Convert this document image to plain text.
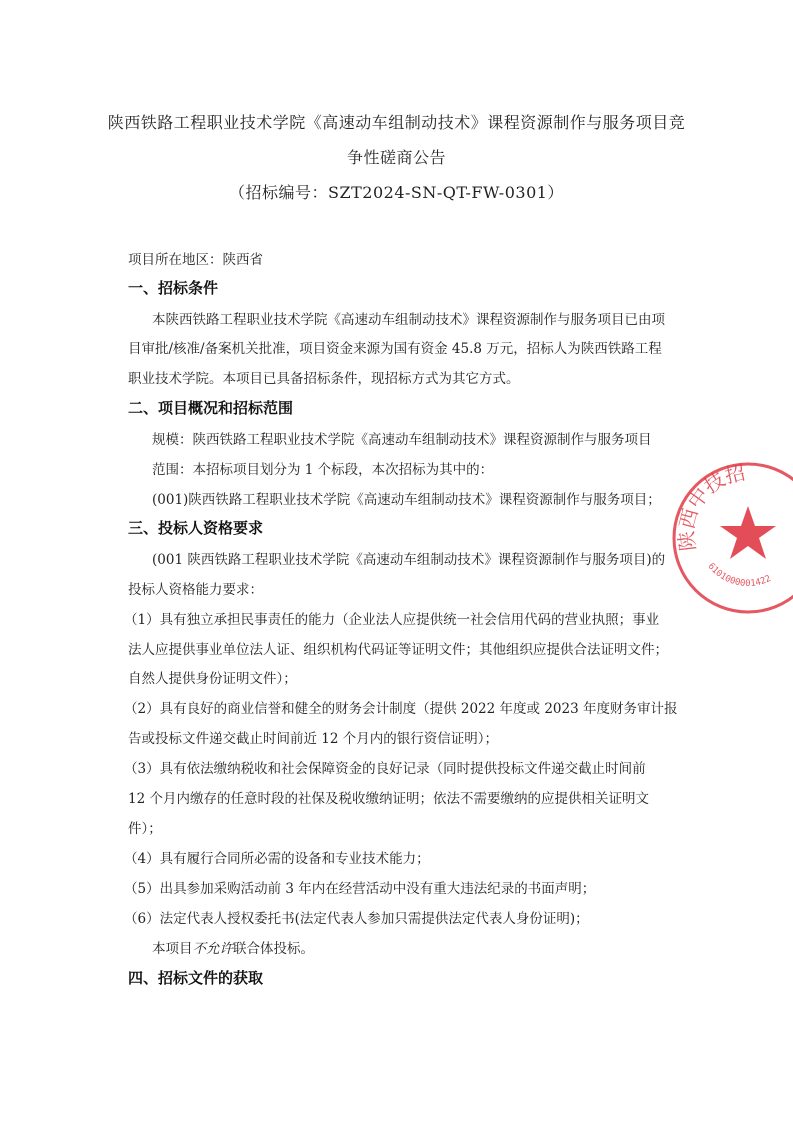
陕西铁路工程职业技术学院《高速动车组制动技术》课程资源制作与服务项目竞
争性磋商公告
（招标编号：SZT2024-SN-QT-FW-0301）
项目所在地区：陕西省
一、招标条件
本陕西铁路工程职业技术学院《高速动车组制动技术》课程资源制作与服务项目已由项
目审批/核准/备案机关批准，项目资金来源为国有资金 45.8 万元，招标人为陕西铁路工程
职业技术学院。本项目已具备招标条件，现招标方式为其它方式。
二、项目概况和招标范围
规模：陕西铁路工程职业技术学院《高速动车组制动技术》课程资源制作与服务项目
范围：本招标项目划分为 1 个标段，本次招标为其中的：
(001)陕西铁路工程职业技术学院《高速动车组制动技术》课程资源制作与服务项目；
三、投标人资格要求
(001 陕西铁路工程职业技术学院《高速动车组制动技术》课程资源制作与服务项目)的
投标人资格能力要求：
（1）具有独立承担民事责任的能力（企业法人应提供统一社会信用代码的营业执照；事业
法人应提供事业单位法人证、组织机构代码证等证明文件；其他组织应提供合法证明文件；
自然人提供身份证明文件）；
（2）具有良好的商业信誉和健全的财务会计制度（提供 2022 年度或 2023 年度财务审计报
告或投标文件递交截止时间前近 12 个月内的银行资信证明）；
（3）具有依法缴纳税收和社会保障资金的良好记录（同时提供投标文件递交截止时间前
12 个月内缴存的任意时段的社保及税收缴纳证明；依法不需要缴纳的应提供相关证明文
件）；
（4）具有履行合同所必需的设备和专业技术能力；
（5）出具参加采购活动前 3 年内在经营活动中没有重大违法纪录的书面声明；
（6）法定代表人授权委托书(法定代表人参加只需提供法定代表人身份证明)；
本项目不允许联合体投标。
四、招标文件的获取
陕西中技招
6101000001422
